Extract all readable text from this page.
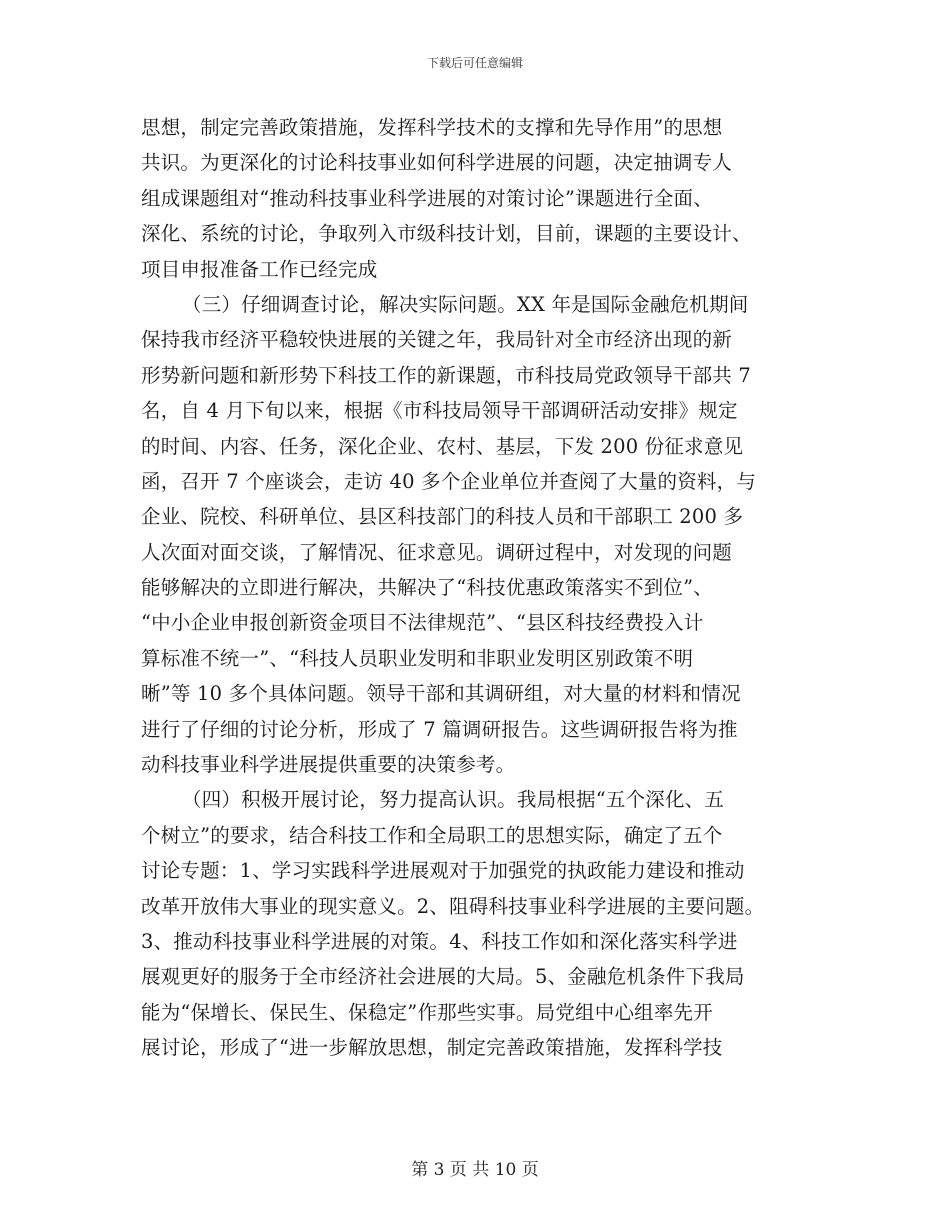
下载后可任意编辑
思想，制定完善政策措施，发挥科学技术的支撑和先导作用”的思想
共识。为更深化的讨论科技事业如何科学进展的问题，决定抽调专人
组成课题组对“推动科技事业科学进展的对策讨论”课题进行全面、
深化、系统的讨论，争取列入市级科技计划，目前，课题的主要设计、
项目申报准备工作已经完成
（三）仔细调查讨论，解决实际问题。XX 年是国际金融危机期间
保持我市经济平稳较快进展的关键之年，我局针对全市经济出现的新
形势新问题和新形势下科技工作的新课题，市科技局党政领导干部共 7
名，自 4 月下旬以来，根据《市科技局领导干部调研活动安排》规定
的时间、内容、任务，深化企业、农村、基层，下发 200 份征求意见
函，召开 7 个座谈会，走访 40 多个企业单位并查阅了大量的资料，与
企业、院校、科研单位、县区科技部门的科技人员和干部职工 200 多
人次面对面交谈，了解情况、征求意见。调研过程中，对发现的问题
能够解决的立即进行解决，共解决了“科技优惠政策落实不到位”、
“中小企业申报创新资金项目不法律规范”、“县区科技经费投入计
算标准不统一”、“科技人员职业发明和非职业发明区别政策不明
晰”等 10 多个具体问题。领导干部和其调研组，对大量的材料和情况
进行了仔细的讨论分析，形成了 7 篇调研报告。这些调研报告将为推
动科技事业科学进展提供重要的决策参考。
（四）积极开展讨论，努力提高认识。我局根据“五个深化、五
个树立”的要求，结合科技工作和全局职工的思想实际，确定了五个
讨论专题：1、学习实践科学进展观对于加强党的执政能力建设和推动
改革开放伟大事业的现实意义。2、阻碍科技事业科学进展的主要问题。
3、推动科技事业科学进展的对策。4、科技工作如和深化落实科学进
展观更好的服务于全市经济社会进展的大局。5、金融危机条件下我局
能为“保增长、保民生、保稳定”作那些实事。局党组中心组率先开
展讨论，形成了“进一步解放思想，制定完善政策措施，发挥科学技
第 3 页 共 10 页
